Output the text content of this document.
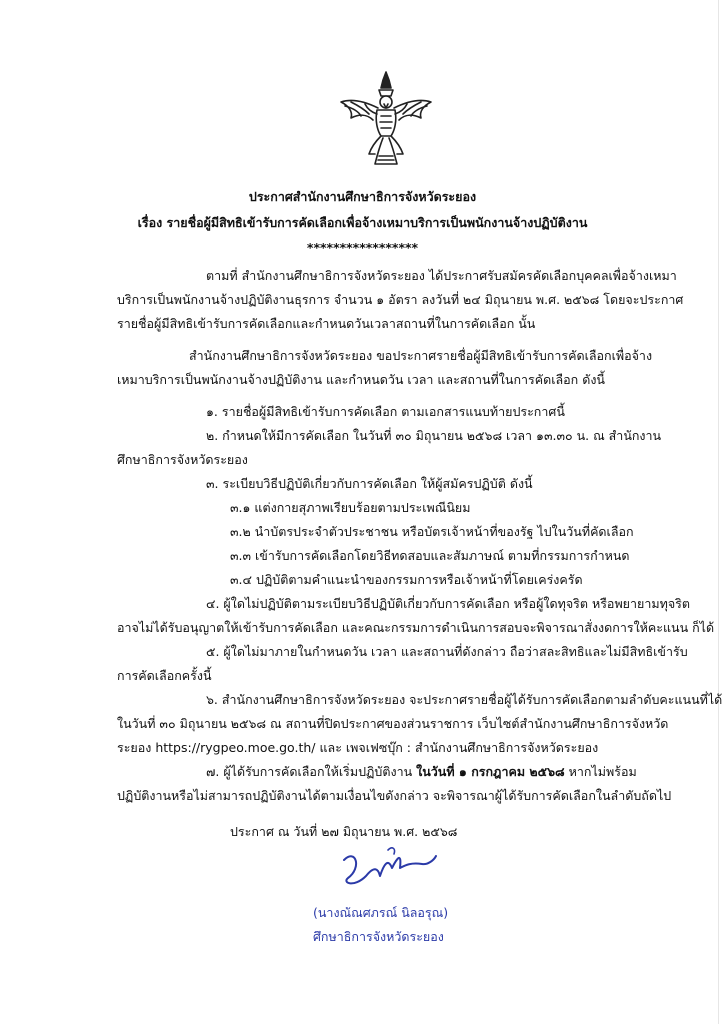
ประกาศสำนักงานศึกษาธิการจังหวัดระยอง
เรื่อง รายชื่อผู้มีสิทธิเข้ารับการคัดเลือกเพื่อจ้างเหมาบริการเป็นพนักงานจ้างปฏิบัติงาน
*****************
ตามที่ สำนักงานศึกษาธิการจังหวัดระยอง ได้ประกาศรับสมัครคัดเลือกบุคคลเพื่อจ้างเหมา
บริการเป็นพนักงานจ้างปฏิบัติงานธุรการ จำนวน ๑ อัตรา ลงวันที่ ๒๔ มิถุนายน พ.ศ. ๒๕๖๘ โดยจะประกาศ
รายชื่อผู้มีสิทธิเข้ารับการคัดเลือกและกำหนดวันเวลาสถานที่ในการคัดเลือก นั้น
สำนักงานศึกษาธิการจังหวัดระยอง ขอประกาศรายชื่อผู้มีสิทธิเข้ารับการคัดเลือกเพื่อจ้าง
เหมาบริการเป็นพนักงานจ้างปฏิบัติงาน และกำหนดวัน เวลา และสถานที่ในการคัดเลือก ดังนี้
๑. รายชื่อผู้มีสิทธิเข้ารับการคัดเลือก ตามเอกสารแนบท้ายประกาศนี้
๒. กำหนดให้มีการคัดเลือก ในวันที่ ๓๐ มิถุนายน ๒๕๖๘ เวลา ๑๓.๓๐ น. ณ สำนักงาน
ศึกษาธิการจังหวัดระยอง
๓. ระเบียบวิธีปฏิบัติเกี่ยวกับการคัดเลือก ให้ผู้สมัครปฏิบัติ ดังนี้
๓.๑ แต่งกายสุภาพเรียบร้อยตามประเพณีนิยม
๓.๒ นำบัตรประจำตัวประชาชน หรือบัตรเจ้าหน้าที่ของรัฐ ไปในวันที่คัดเลือก
๓.๓ เข้ารับการคัดเลือกโดยวิธีทดสอบและสัมภาษณ์ ตามที่กรรมการกำหนด
๓.๔ ปฏิบัติตามคำแนะนำของกรรมการหรือเจ้าหน้าที่โดยเคร่งครัด
๔. ผู้ใดไม่ปฏิบัติตามระเบียบวิธีปฏิบัติเกี่ยวกับการคัดเลือก หรือผู้ใดทุจริต หรือพยายามทุจริต
อาจไม่ได้รับอนุญาตให้เข้ารับการคัดเลือก และคณะกรรมการดำเนินการสอบจะพิจารณาสั่งงดการให้คะแนน ก็ได้
๕. ผู้ใดไม่มาภายในกำหนดวัน เวลา และสถานที่ดังกล่าว ถือว่าสละสิทธิและไม่มีสิทธิเข้ารับ
การคัดเลือกครั้งนี้
๖. สำนักงานศึกษาธิการจังหวัดระยอง จะประกาศรายชื่อผู้ได้รับการคัดเลือกตามลำดับคะแนนที่ได้
ในวันที่ ๓๐ มิถุนายน ๒๕๖๘ ณ สถานที่ปิดประกาศของส่วนราชการ เว็บไซต์สำนักงานศึกษาธิการจังหวัด
ระยอง https://rygpeo.moe.go.th/ และ เพจเฟซบุ๊ก : สำนักงานศึกษาธิการจังหวัดระยอง
๗. ผู้ได้รับการคัดเลือกให้เริ่มปฏิบัติงาน ในวันที่ ๑ กรกฎาคม ๒๕๖๘ หากไม่พร้อม
ปฏิบัติงานหรือไม่สามารถปฏิบัติงานได้ตามเงื่อนไขดังกล่าว จะพิจารณาผู้ได้รับการคัดเลือกในลำดับถัดไป
ประกาศ ณ วันที่ ๒๗ มิถุนายน พ.ศ. ๒๕๖๘
(นางณัณศภรณ์ นิลอรุณ)
ศึกษาธิการจังหวัดระยอง
